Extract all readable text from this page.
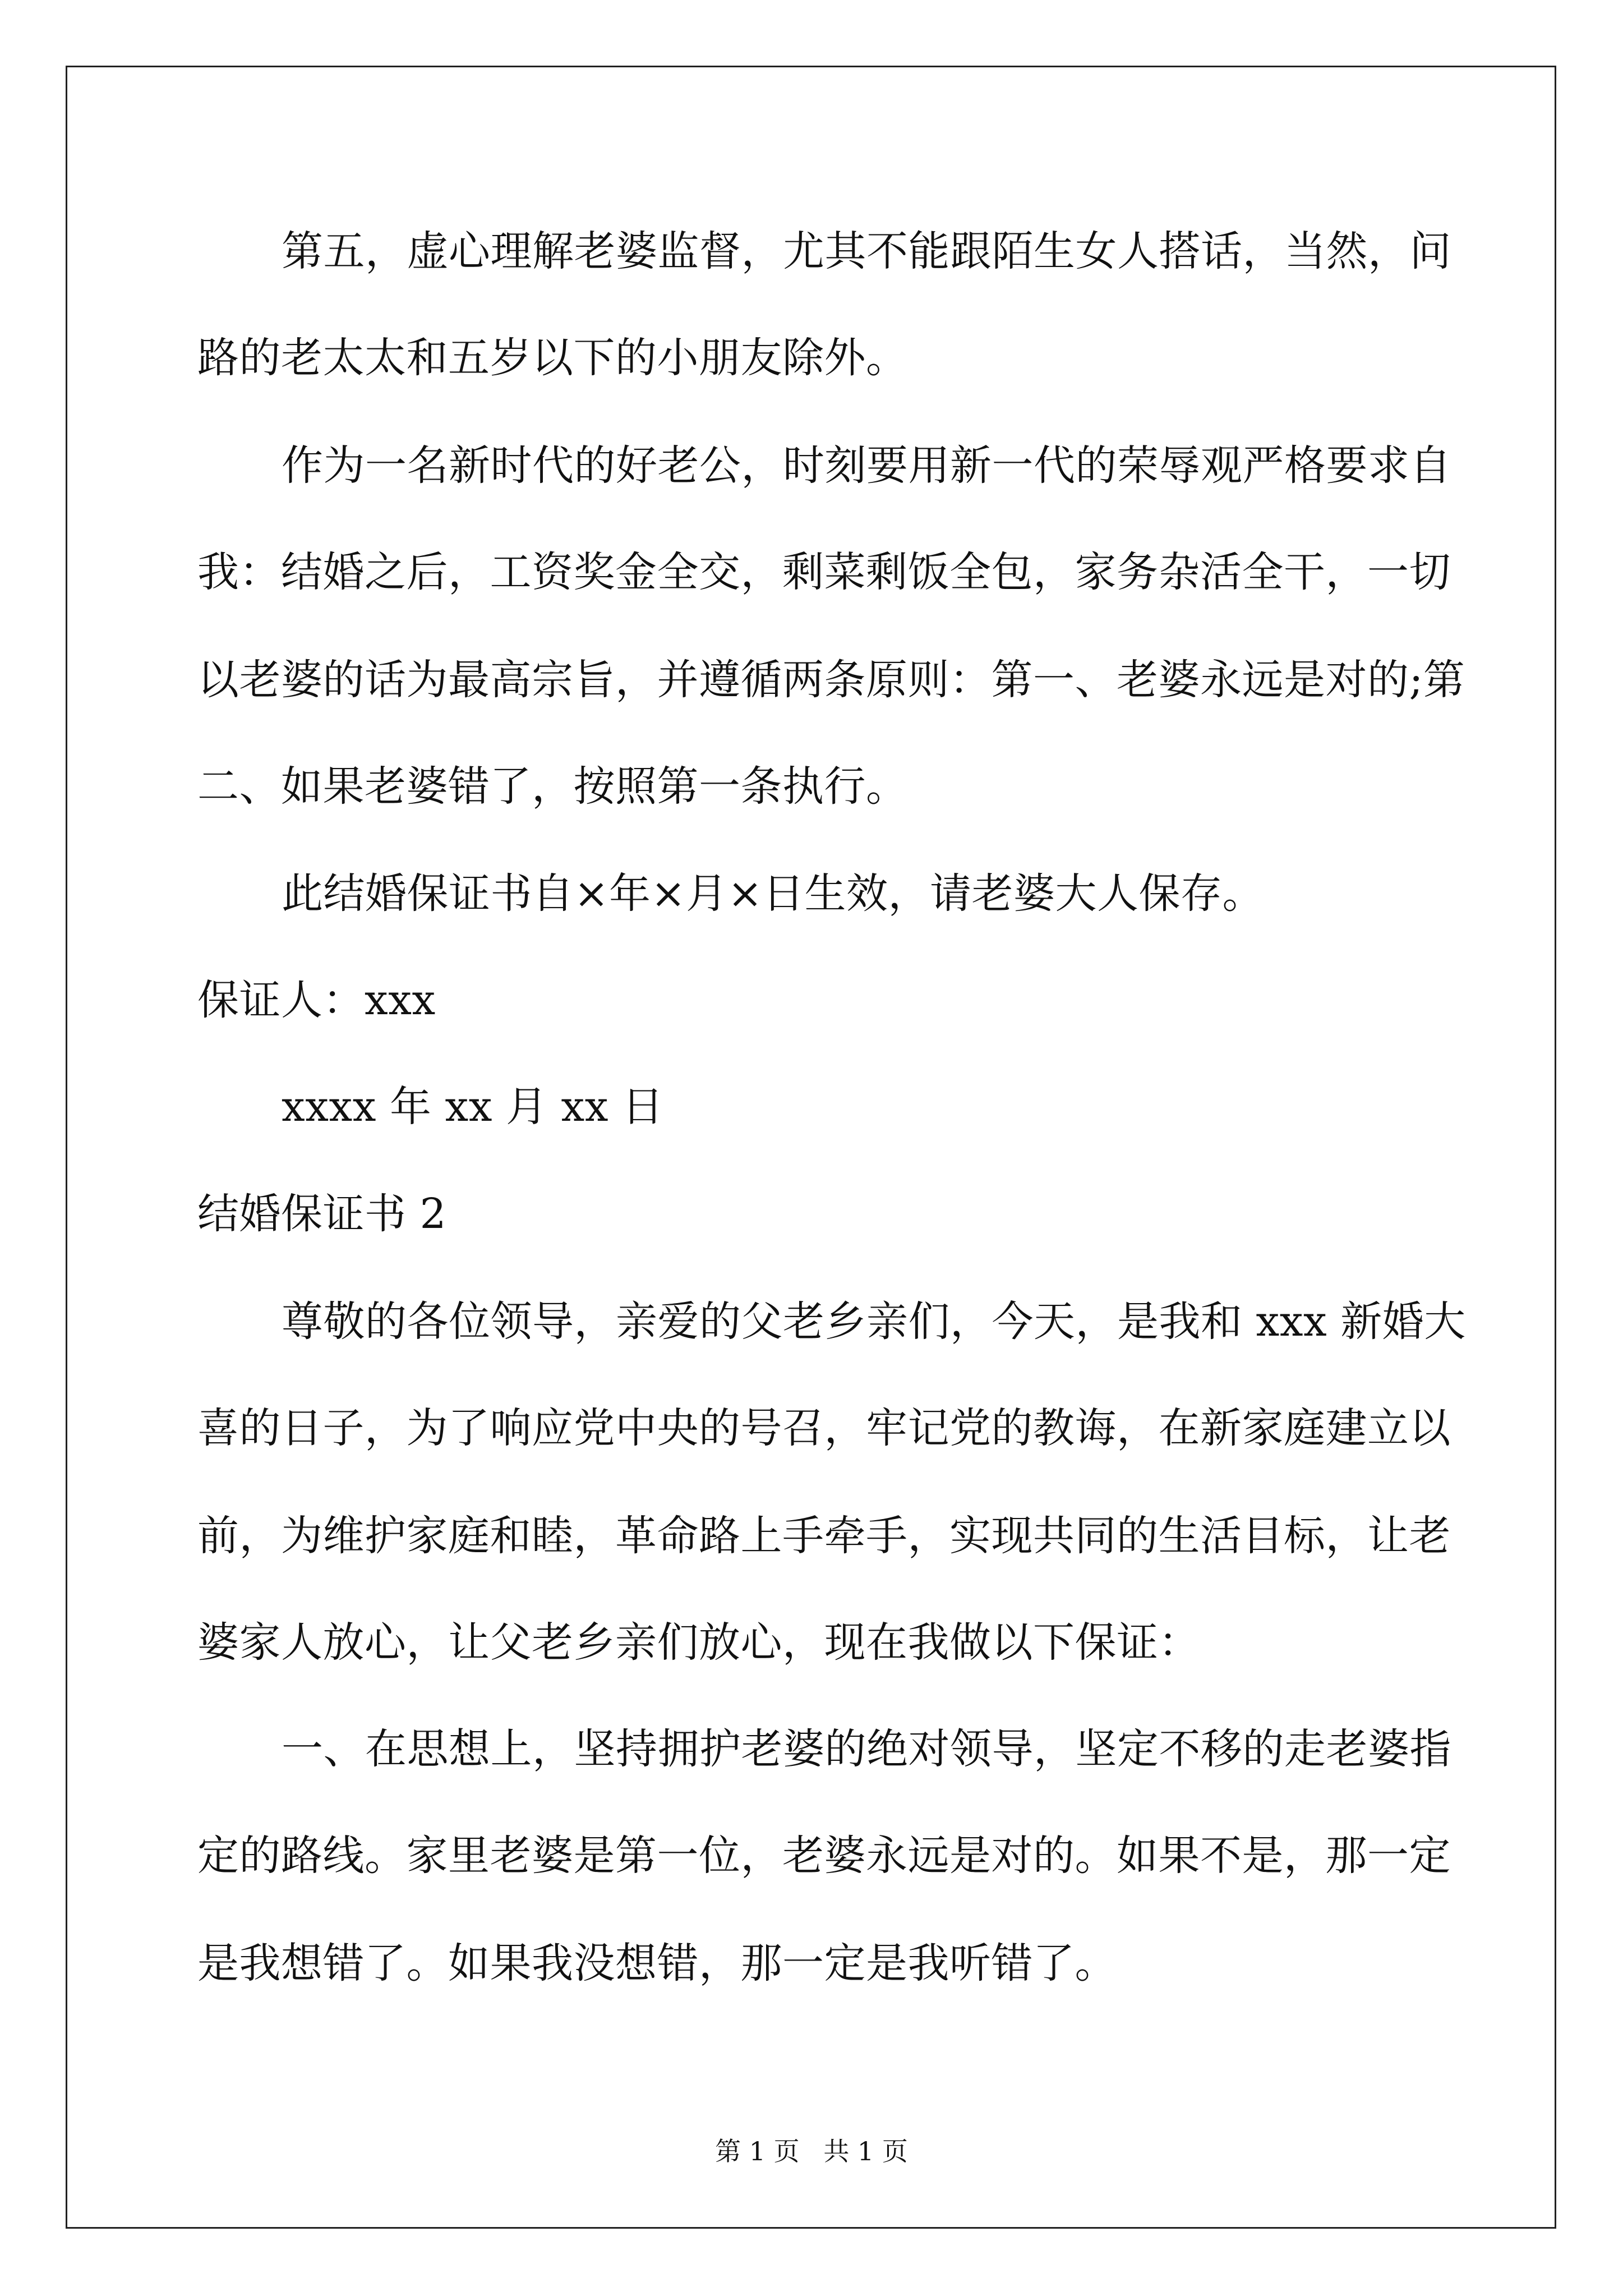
第五，虚心理解老婆监督，尤其不能跟陌生女人搭话，当然，问
路的老太太和五岁以下的小朋友除外。
作为一名新时代的好老公，时刻要用新一代的荣辱观严格要求自
我：结婚之后，工资奖金全交，剩菜剩饭全包，家务杂活全干，一切
以老婆的话为最高宗旨，并遵循两条原则：第一、老婆永远是对的;第
二、如果老婆错了，按照第一条执行。
此结婚保证书自×年×月×日生效，请老婆大人保存。
保证人：xxx
xxxx 年 xx 月 xx 日
结婚保证书 2
尊敬的各位领导，亲爱的父老乡亲们，今天，是我和 xxx 新婚大
喜的日子，为了响应党中央的号召，牢记党的教诲，在新家庭建立以
前，为维护家庭和睦，革命路上手牵手，实现共同的生活目标，让老
婆家人放心，让父老乡亲们放心，现在我做以下保证：
一、在思想上，坚持拥护老婆的绝对领导，坚定不移的走老婆指
定的路线。家里老婆是第一位，老婆永远是对的。如果不是，那一定
是我想错了。如果我没想错，那一定是我听错了。
第 1 页 共 1 页
